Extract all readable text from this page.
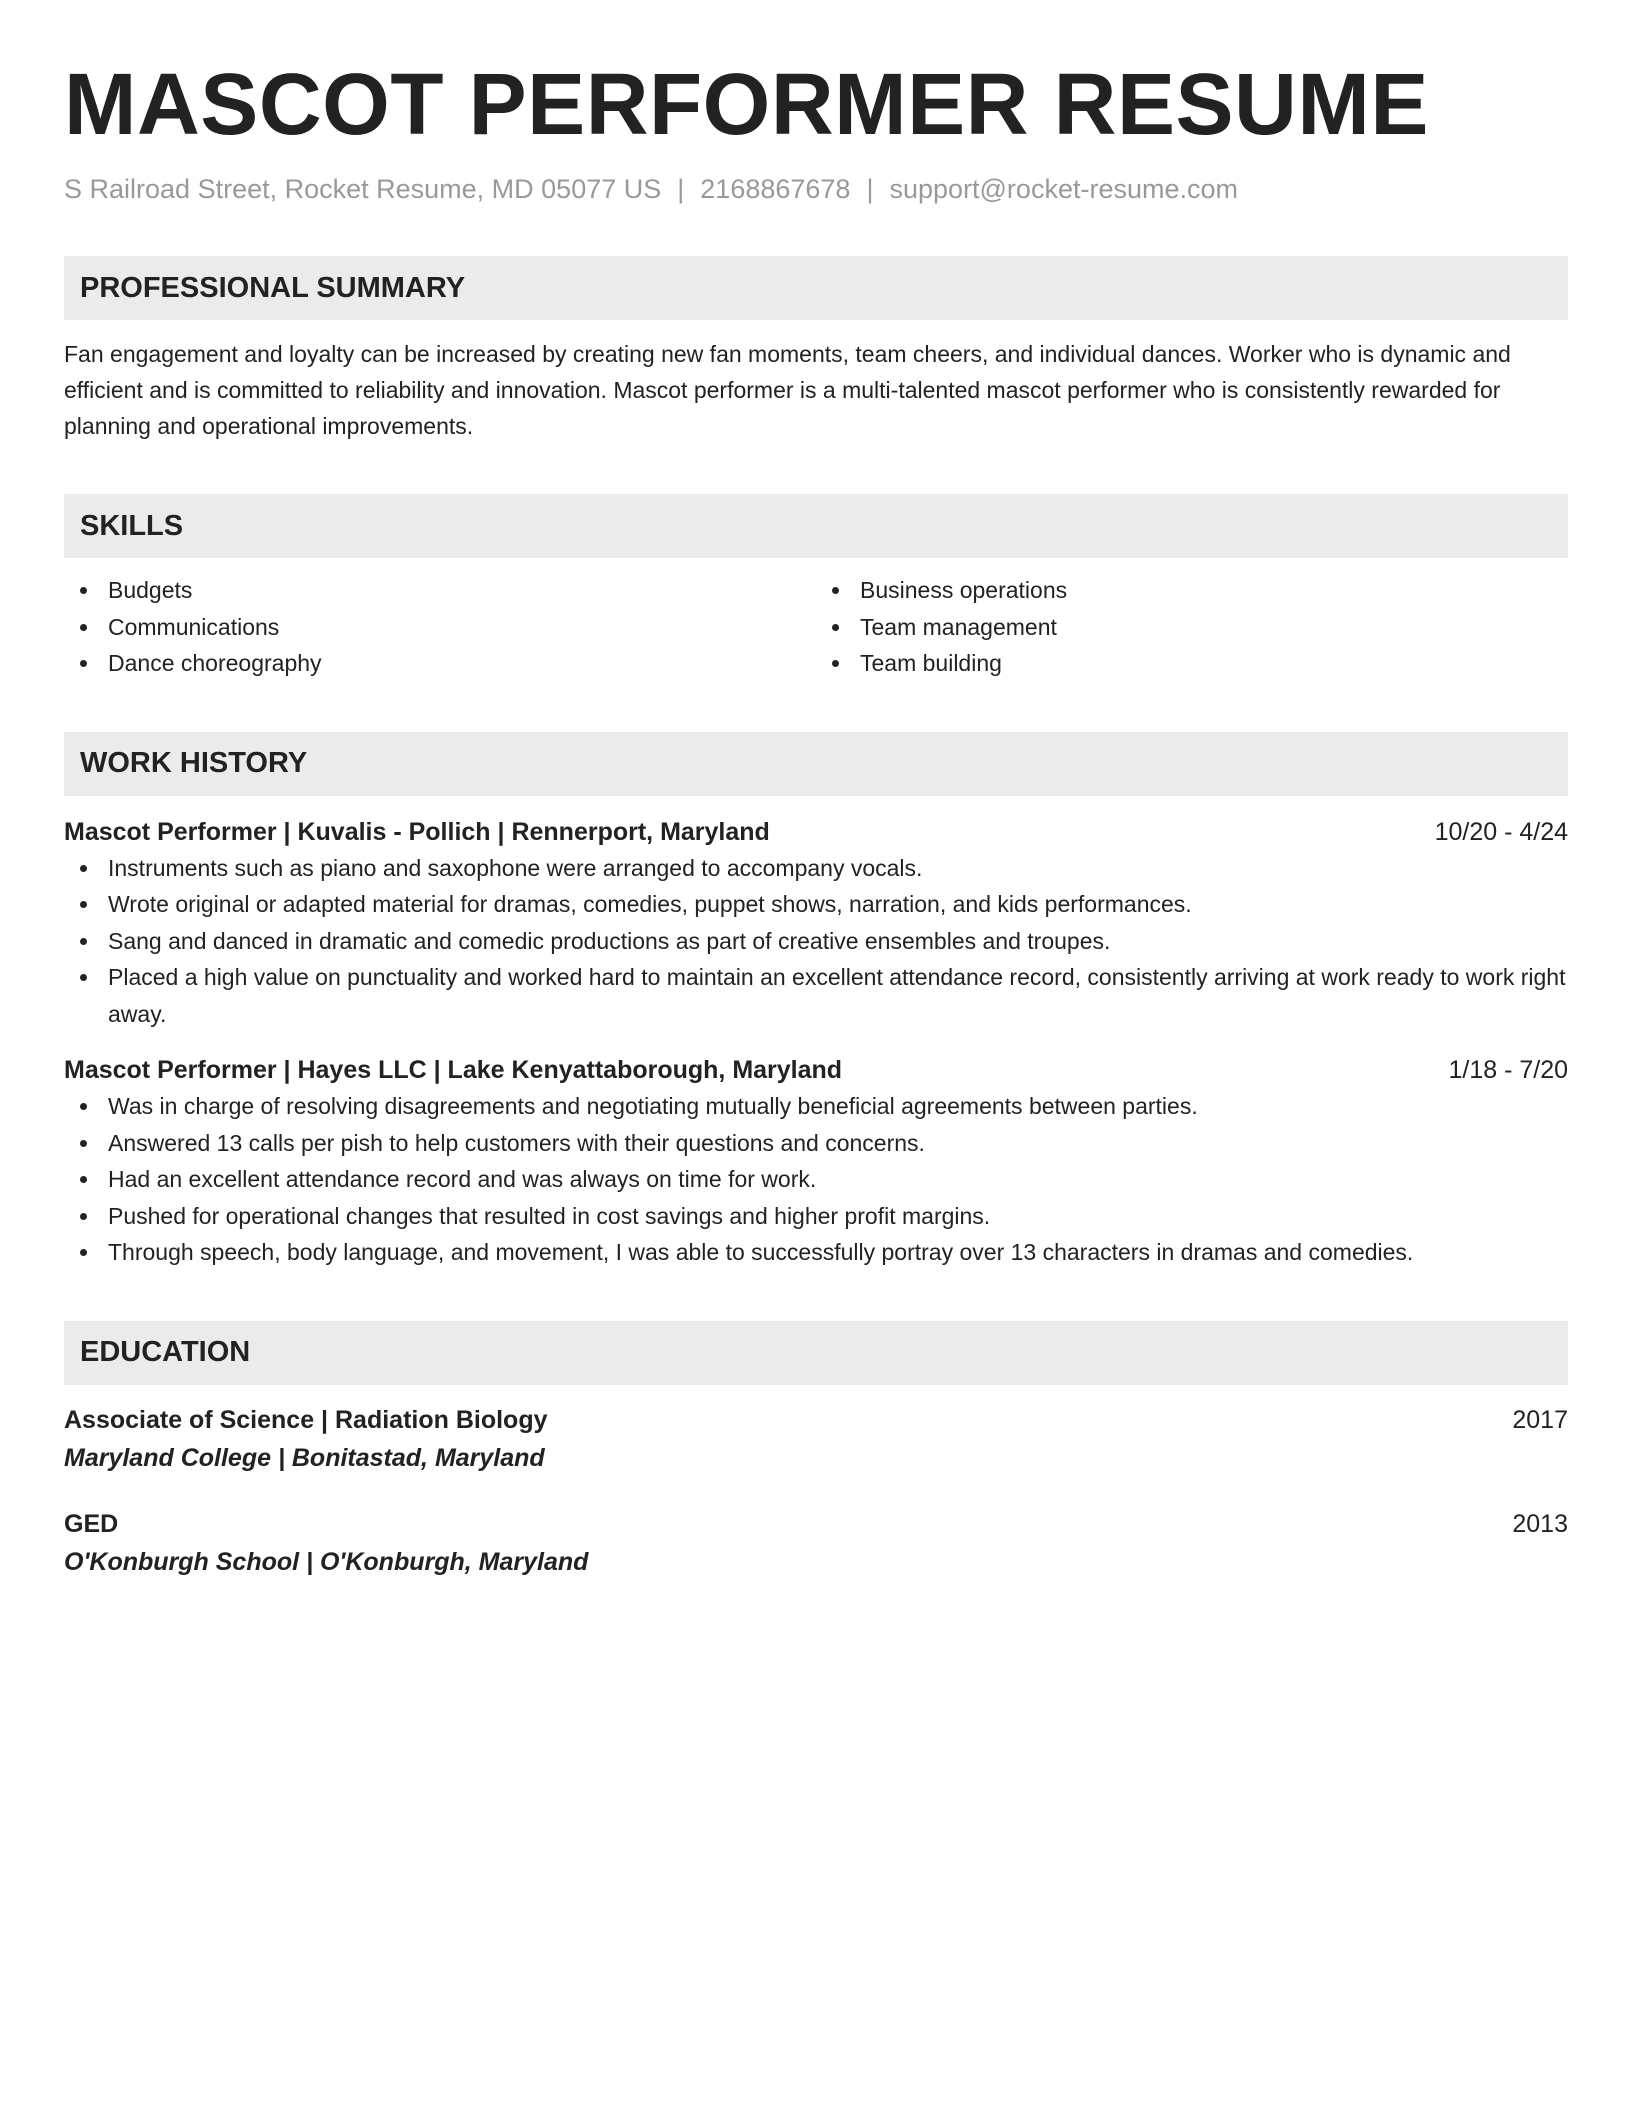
MASCOT PERFORMER RESUME
S Railroad Street, Rocket Resume, MD 05077 US | 2168867678 | support@rocket-resume.com
PROFESSIONAL SUMMARY

Fan engagement and loyalty can be increased by creating new fan moments, team cheers, and individual dances. Worker who is dynamic and efficient and is committed to reliability and innovation. Mascot performer is a multi-talented mascot performer who is consistently rewarded for planning and operational improvements.

SKILLS
Budgets
Communications
Dance choreography
Business operations
Team management
Team building
WORK HISTORY
Mascot Performer | Kuvalis - Pollich | Rennerport, Maryland	10/20 - 4/24
Instruments such as piano and saxophone were arranged to accompany vocals.
Wrote original or adapted material for dramas, comedies, puppet shows, narration, and kids performances.
Sang and danced in dramatic and comedic productions as part of creative ensembles and troupes.
Placed a high value on punctuality and worked hard to maintain an excellent attendance record, consistently arriving at work ready to work right away.
Mascot Performer | Hayes LLC | Lake Kenyattaborough, Maryland	1/18 - 7/20
Was in charge of resolving disagreements and negotiating mutually beneficial agreements between parties.
Answered 13 calls per pish to help customers with their questions and concerns.
Had an excellent attendance record and was always on time for work.
Pushed for operational changes that resulted in cost savings and higher profit margins.
Through speech, body language, and movement, I was able to successfully portray over 13 characters in dramas and comedies.
EDUCATION
Associate of Science | Radiation Biology	2017
Maryland College | Bonitastad, Maryland
GED	2013
O'Konburgh School | O'Konburgh, Maryland
